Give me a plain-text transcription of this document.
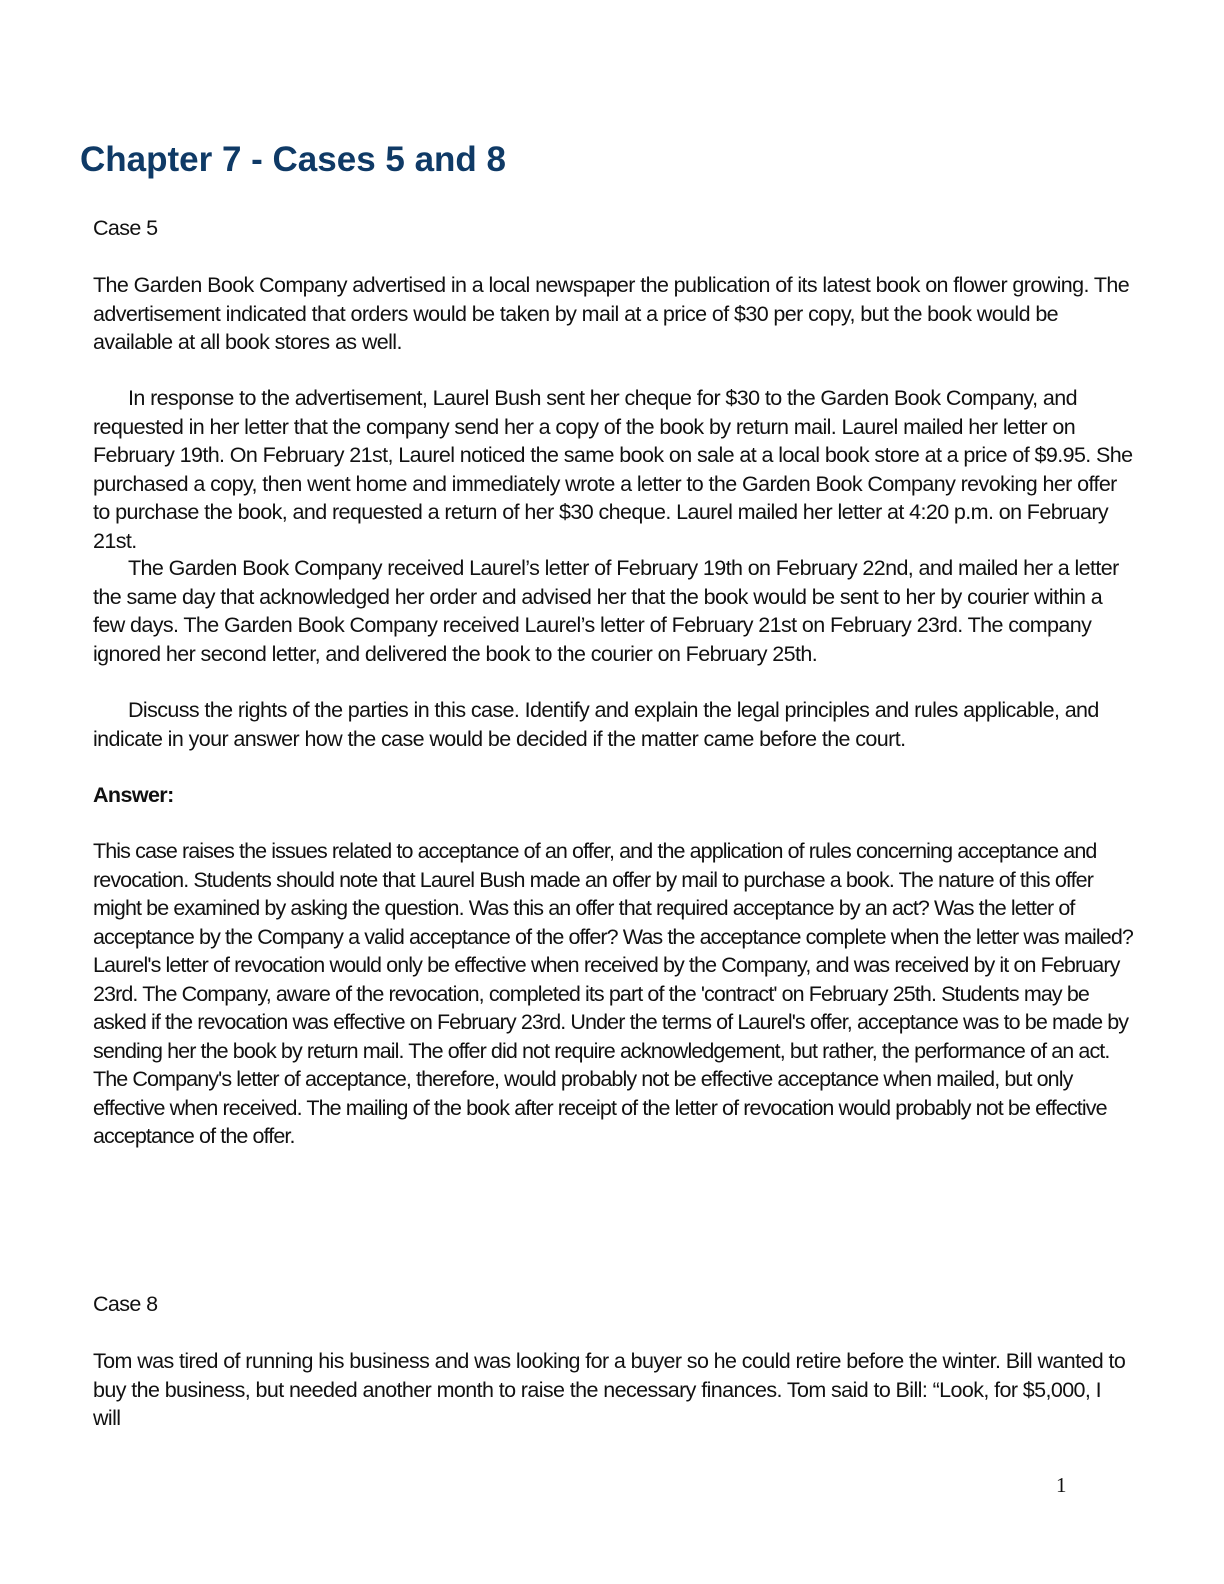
Chapter 7 - Cases 5 and 8

Case 5

The Garden Book Company advertised in a local newspaper the publication of its latest book on flower growing. The advertisement indicated that orders would be taken by mail at a price of $30 per copy, but the book would be available at all book stores as well.

In response to the advertisement, Laurel Bush sent her cheque for $30 to the Garden Book Company, and requested in her letter that the company send her a copy of the book by return mail. Laurel mailed her letter on February 19th. On February 21st, Laurel noticed the same book on sale at a local book store at a price of $9.95. She purchased a copy, then went home and immediately wrote a letter to the Garden Book Company revoking her offer to purchase the book, and requested a return of her $30 cheque. Laurel mailed her letter at 4:20 p.m. on February 21st.

The Garden Book Company received Laurel’s letter of February 19th on February 22nd, and mailed her a letter the same day that acknowledged her order and advised her that the book would be sent to her by courier within a few days. The Garden Book Company received Laurel’s letter of February 21st on February 23rd. The company ignored her second letter, and delivered the book to the courier on February 25th.

Discuss the rights of the parties in this case. Identify and explain the legal principles and rules applicable, and indicate in your answer how the case would be decided if the matter came before the court.

Answer:

This case raises the issues related to acceptance of an offer, and the application of rules concerning acceptance and revocation. Students should note that Laurel Bush made an offer by mail to purchase a book. The nature of this offer might be examined by asking the question. Was this an offer that required acceptance by an act? Was the letter of acceptance by the Company a valid acceptance of the offer? Was the acceptance complete when the letter was mailed? Laurel's letter of revocation would only be effective when received by the Company, and was received by it on February 23rd. The Company, aware of the revocation, completed its part of the 'contract' on February 25th. Students may be asked if the revocation was effective on February 23rd. Under the terms of Laurel's offer, acceptance was to be made by sending her the book by return mail. The offer did not require acknowledgement, but rather, the performance of an act. The Company's letter of acceptance, therefore, would probably not be effective acceptance when mailed, but only effective when received. The mailing of the book after receipt of the letter of revocation would probably not be effective acceptance of the offer.

Case 8

Tom was tired of running his business and was looking for a buyer so he could retire before the winter. Bill wanted to buy the business, but needed another month to raise the necessary finances. Tom said to Bill: “Look, for $5,000, I will

1
